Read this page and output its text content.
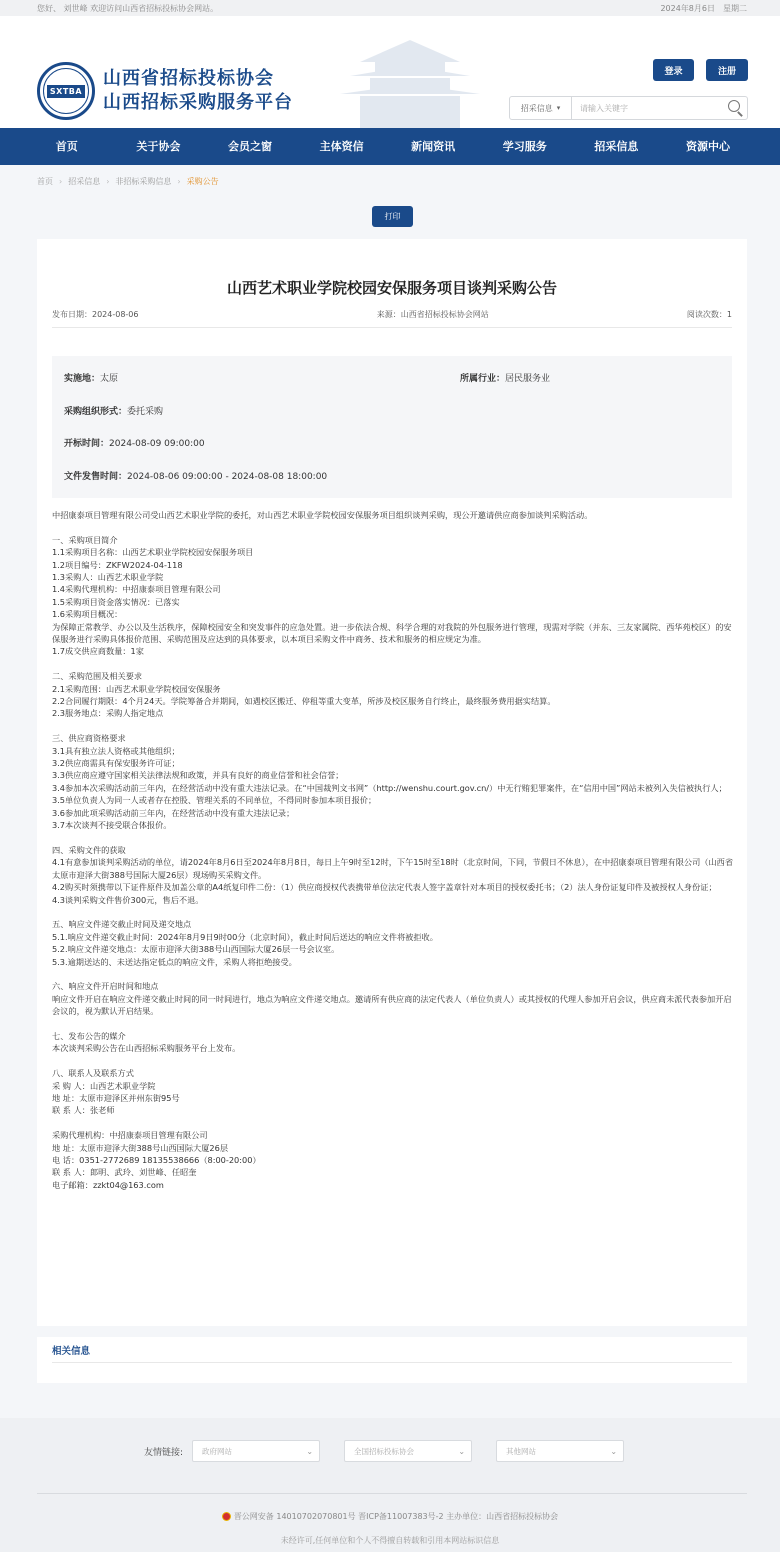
您好、 刘世峰 欢迎访问山西省招标投标协会网站。	2024年8月6日 星期二
SXTBA
山西省招标投标协会
山西招标采购服务平台
登录	注册
招采信息 ▾	请输入关键字
首页	关于协会	会员之窗	主体资信	新闻资讯	学习服务	招采信息	资源中心
首页 › 招采信息 › 非招标采购信息 › 采购公告
打印
山西艺术职业学院校园安保服务项目谈判采购公告
发布日期：2024-08-06	来源：山西省招标投标协会网站	阅读次数：1
实施地：太原	所属行业：居民服务业
采购组织形式：委托采购
开标时间：2024-08-09 09:00:00
文件发售时间：2024-08-06 09:00:00 - 2024-08-08 18:00:00

中招康泰项目管理有限公司受山西艺术职业学院的委托，对山西艺术职业学院校园安保服务项目组织谈判采购，现公开邀请供应商参加谈判采购活动。

一、采购项目简介

1.1采购项目名称：山西艺术职业学院校园安保服务项目

1.2项目编号：ZKFW2024-04-118

1.3采购人：山西艺术职业学院

1.4采购代理机构：中招康泰项目管理有限公司

1.5采购项目资金落实情况：已落实

1.6采购项目概况：

为保障正常教学、办公以及生活秩序，保障校园安全和突发事件的应急处置。进一步依法合规、科学合理的对我院的外包服务进行管理，现需对学院（并东、三友家属院、西华苑校区）的安保服务进行采购具体报价范围、采购范围及应达到的具体要求，以本项目采购文件中商务、技术和服务的相应规定为准。

1.7成交供应商数量：1家

二、采购范围及相关要求

2.1采购范围：山西艺术职业学院校园安保服务

2.2合同履行期限：4个月24天。学院筹备合并期间，如遇校区搬迁、停租等重大变革，所涉及校区服务自行终止，最终服务费用据实结算。

2.3服务地点：采购人指定地点

三、供应商资格要求

3.1具有独立法人资格或其他组织；

3.2供应商需具有保安服务许可证；

3.3供应商应遵守国家相关法律法规和政策，并具有良好的商业信誉和社会信誉；

3.4参加本次采购活动前三年内，在经营活动中没有重大违法记录。在“中国裁判文书网”（http://wenshu.court.gov.cn/）中无行贿犯罪案件，在“信用中国”网站未被列入失信被执行人；

3.5单位负责人为同一人或者存在控股、管理关系的不同单位，不得同时参加本项目报价；

3.6参加此项采购活动前三年内，在经营活动中没有重大违法记录；

3.7本次谈判不接受联合体报价。

四、采购文件的获取

4.1有意参加谈判采购活动的单位，请2024年8月6日至2024年8月8日，每日上午9时至12时，下午15时至18时（北京时间，下同，节假日不休息），在中招康泰项目管理有限公司（山西省太原市迎泽大街388号国际大厦26层）现场购买采购文件。

4.2购买时须携带以下证件原件及加盖公章的A4纸复印件二份：（1）供应商授权代表携带单位法定代表人签字盖章针对本项目的授权委托书；（2）法人身份证复印件及被授权人身份证；

4.3谈判采购文件售价300元，售后不退。

五、响应文件递交截止时间及递交地点

5.1.响应文件递交截止时间：2024年8月9日9时00分（北京时间），截止时间后送达的响应文件将被拒收。

5.2.响应文件递交地点：太原市迎泽大街388号山西国际大厦26层一号会议室。

5.3.逾期送达的、未送达指定低点的响应文件，采购人将拒绝接受。

六、响应文件开启时间和地点

响应文件开启在响应文件递交截止时间的同一时间进行，地点为响应文件递交地点。邀请所有供应商的法定代表人（单位负责人）或其授权的代理人参加开启会议，供应商未派代表参加开启会议的，视为默认开启结果。

七、发布公告的媒介

本次谈判采购公告在山西招标采购服务平台上发布。

八、联系人及联系方式

采 购 人：山西艺术职业学院

地 址：太原市迎泽区并州东街95号

联 系 人：张老师

采购代理机构：中招康泰项目管理有限公司

地 址：太原市迎泽大街388号山西国际大厦26层

电 话：0351-2772689 18135538666（8:00-20:00）

联 系 人：郎明、武玲、刘世峰、任昭奎

电子邮箱：zzkt04@163.com

相关信息
友情链接:	政府网站	⌄	全国招标投标协会	⌄	其他网站	⌄
晋公网安备 14010702070801号 晋ICP备11007383号-2 主办单位：山西省招标投标协会
未经许可,任何单位和个人不得擅自转载和引用本网站标识信息
